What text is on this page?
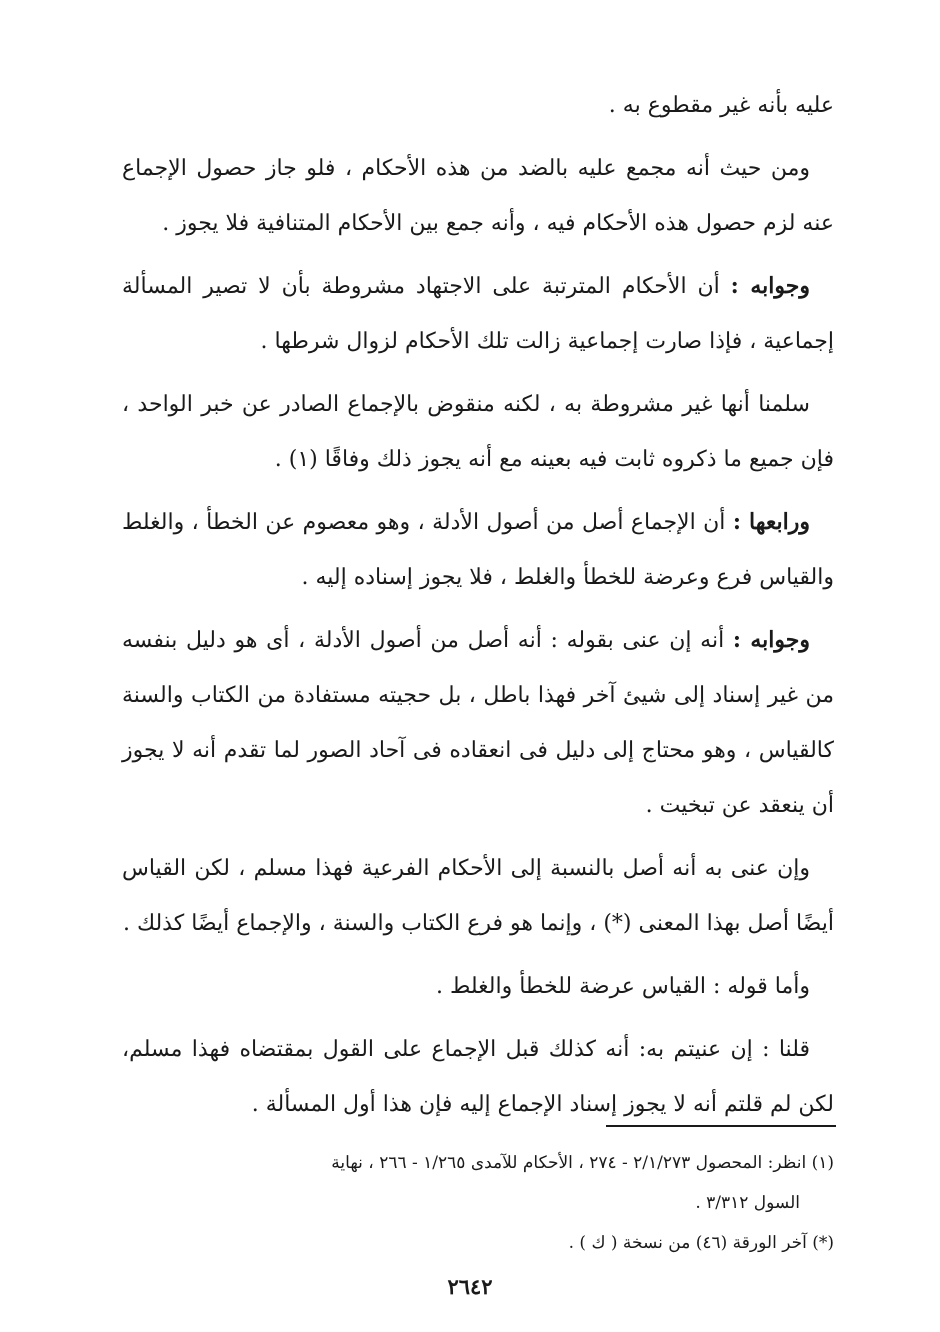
عليه بأنه غير مقطوع به .

ومن حيث أنه مجمع عليه بالضد من هذه الأحكام ، فلو جاز حصول الإجماع عنه لزم حصول هذه الأحكام فيه ، وأنه جمع بين الأحكام المتنافية فلا يجوز .

وجوابه : أن الأحكام المترتبة على الاجتهاد مشروطة بأن لا تصير المسألة إجماعية ، فإذا صارت إجماعية زالت تلك الأحكام لزوال شرطها .

سلمنا أنها غير مشروطة به ، لكنه منقوض بالإجماع الصادر عن خبر الواحد ، فإن جميع ما ذكروه ثابت فيه بعينه مع أنه يجوز ذلك وفاقًا (١) .

ورابعها : أن الإجماع أصل من أصول الأدلة ، وهو معصوم عن الخطأ ، والغلط والقياس فرع وعرضة للخطأ والغلط ، فلا يجوز إسناده إليه .

وجوابه : أنه إن عنى بقوله : أنه أصل من أصول الأدلة ، أى هو دليل بنفسه من غير إسناد إلى شيئ آخر فهذا باطل ، بل حجيته مستفادة من الكتاب والسنة كالقياس ، وهو محتاج إلى دليل فى انعقاده فى آحاد الصور لما تقدم أنه لا يجوز أن ينعقد عن تبخيت .

وإن عنى به أنه أصل بالنسبة إلى الأحكام الفرعية فهذا مسلم ، لكن القياس أيضًا أصل بهذا المعنى (*) ، وإنما هو فرع الكتاب والسنة ، والإجماع أيضًا كذلك .

وأما قوله : القياس عرضة للخطأ والغلط .

قلنا : إن عنيتم به: أنه كذلك قبل الإجماع على القول بمقتضاه فهذا مسلم، لكن لم قلتم أنه لا يجوز إسناد الإجماع إليه فإن هذا أول المسألة .

(١) انظر: المحصول ٢/١/٢٧٣ - ٢٧٤ ، الأحكام للآمدى ١/٢٦٥ - ٢٦٦ ، نهاية
السول ٣/٣١٢ .

(*) آخر الورقة (٤٦) من نسخة ( ك ) .

٢٦٤٢
